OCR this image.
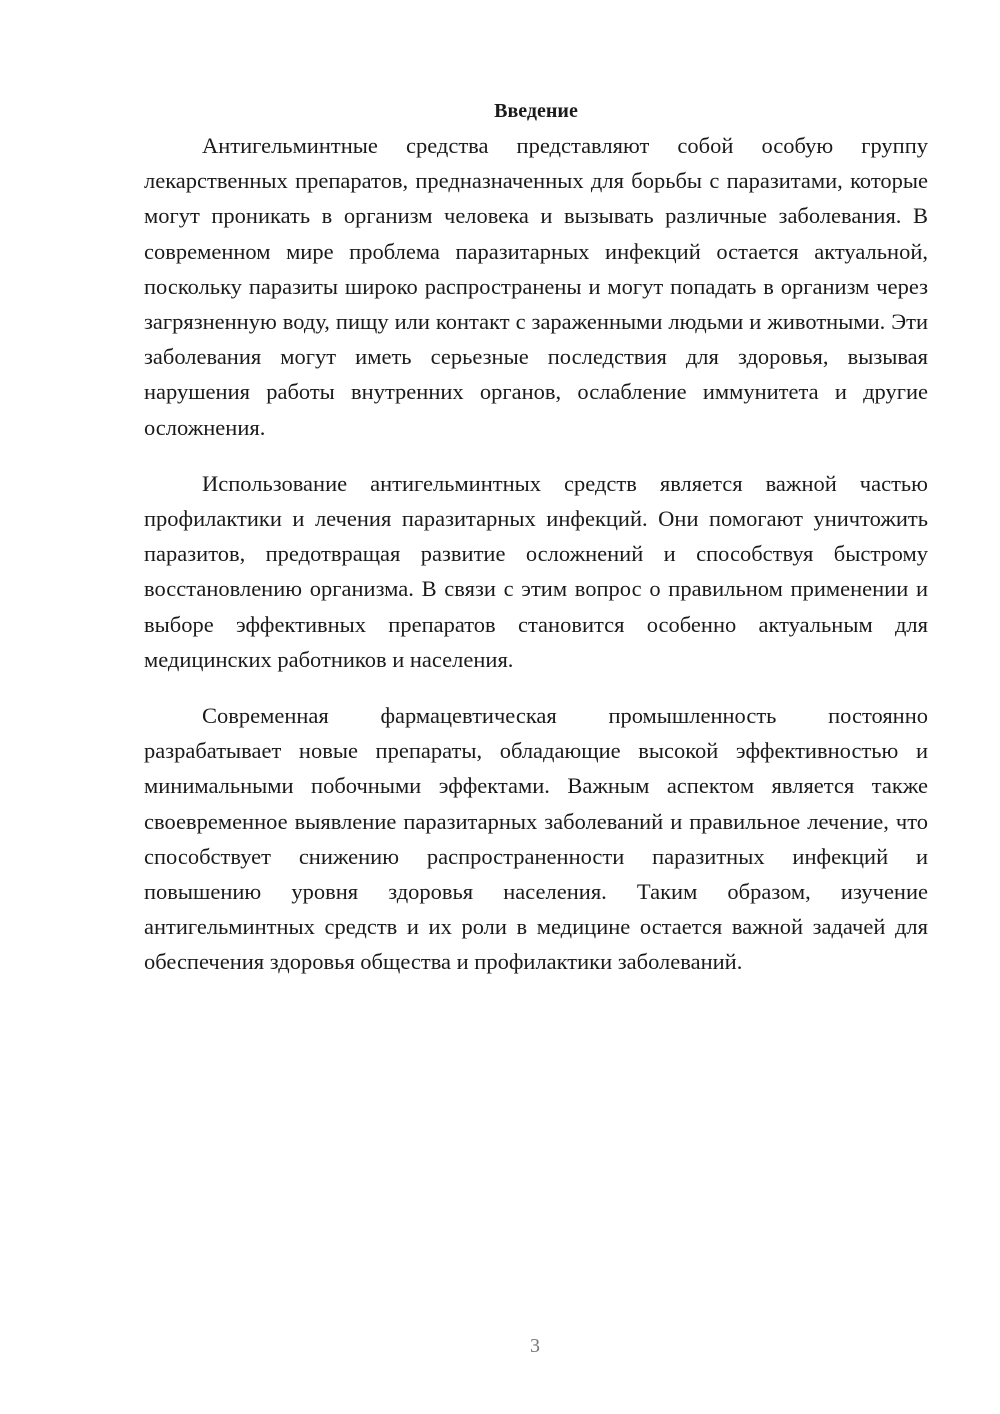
Введение

Антигельминтные средства представляют собой особую группу лекарственных препаратов, предназначенных для борьбы с паразитами, которые могут проникать в организм человека и вызывать различные заболевания. В современном мире проблема паразитарных инфекций остается актуальной, поскольку паразиты широко распространены и могут попадать в организм через загрязненную воду, пищу или контакт с зараженными людьми и животными. Эти заболевания могут иметь серьезные последствия для здоровья, вызывая нарушения работы внутренних органов, ослабление иммунитета и другие осложнения.

Использование антигельминтных средств является важной частью профилактики и лечения паразитарных инфекций. Они помогают уничтожить паразитов, предотвращая развитие осложнений и способствуя быстрому восстановлению организма. В связи с этим вопрос о правильном применении и выборе эффективных препаратов становится особенно актуальным для медицинских работников и населения.

Современная фармацевтическая промышленность постоянно разрабатывает новые препараты, обладающие высокой эффективностью и минимальными побочными эффектами. Важным аспектом является также своевременное выявление паразитарных заболеваний и правильное лечение, что способствует снижению распространенности паразитных инфекций и повышению уровня здоровья населения. Таким образом, изучение антигельминтных средств и их роли в медицине остается важной задачей для обеспечения здоровья общества и профилактики заболеваний.

3
